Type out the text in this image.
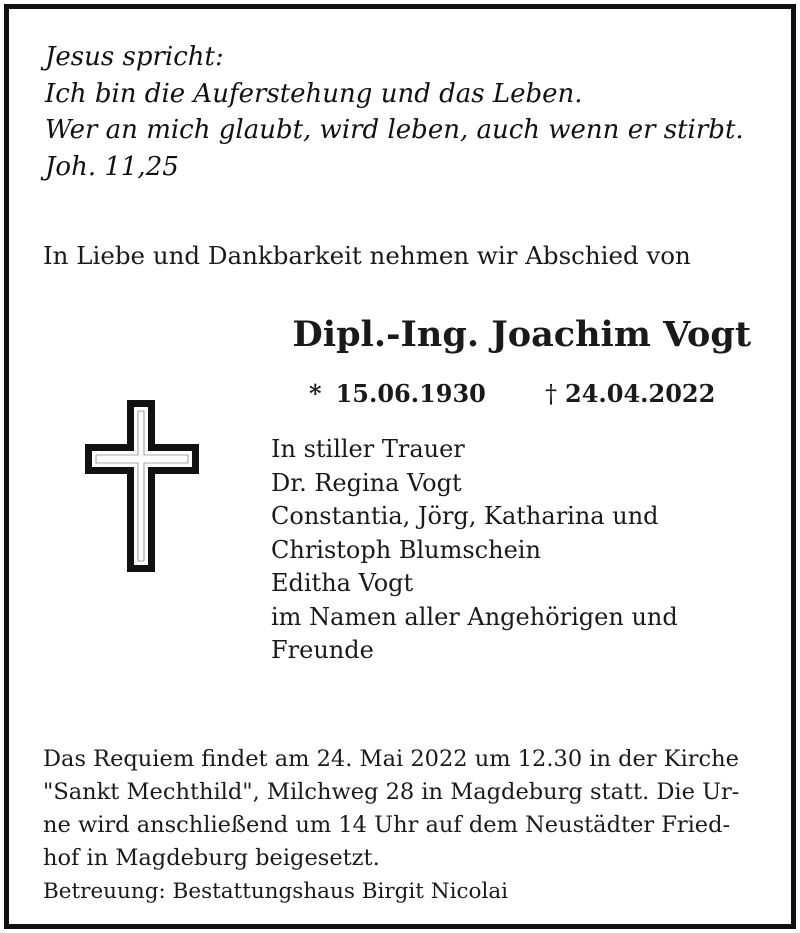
Jesus spricht:
Ich bin die Auferstehung und das Leben.
Wer an mich glaubt, wird leben, auch wenn er stirbt.
Joh. 11,25
In Liebe und Dankbarkeit nehmen wir Abschied von
Dipl.-Ing. Joachim Vogt
* 15.06.1930 † 24.04.2022
In stiller Trauer
Dr. Regina Vogt
Constantia, Jörg, Katharina und
Christoph Blumschein
Editha Vogt
im Namen aller Angehörigen und
Freunde
Das Requiem findet am 24. Mai 2022 um 12.30 in der Kirche
"Sankt Mechthild", Milchweg 28 in Magdeburg statt. Die Ur-
ne wird anschließend um 14 Uhr auf dem Neustädter Fried-
hof in Magdeburg beigesetzt.
Betreuung: Bestattungshaus Birgit Nicolai
